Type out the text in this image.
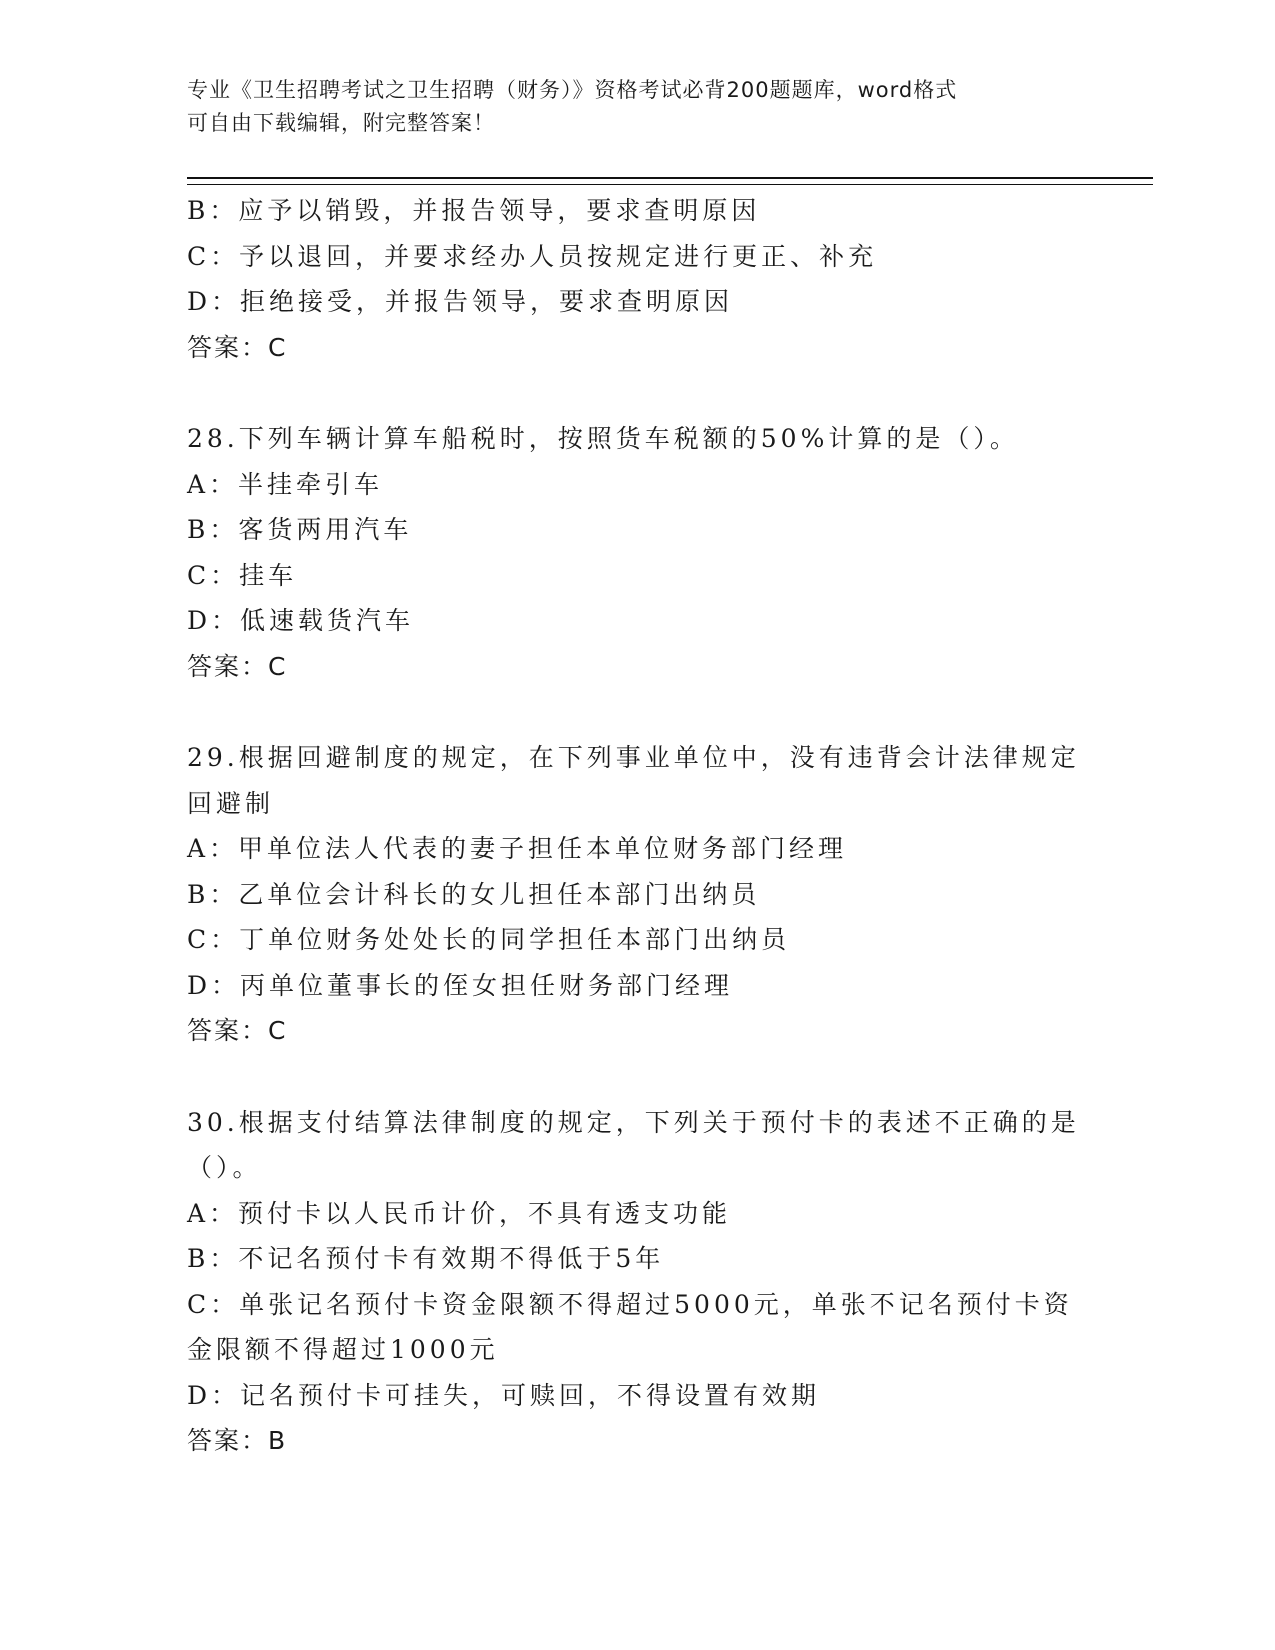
专业《卫生招聘考试之卫生招聘（财务）》资格考试必背200题题库，word格式
可自由下载编辑，附完整答案！
B：应予以销毁，并报告领导，要求查明原因
C：予以退回，并要求经办人员按规定进行更正、补充
D：拒绝接受，并报告领导，要求查明原因
答案：C
28.下列车辆计算车船税时，按照货车税额的50%计算的是（）。
A：半挂牵引车
B：客货两用汽车
C：挂车
D：低速载货汽车
答案：C
29.根据回避制度的规定，在下列事业单位中，没有违背会计法律规定
回避制
A：甲单位法人代表的妻子担任本单位财务部门经理
B：乙单位会计科长的女儿担任本部门出纳员
C：丁单位财务处处长的同学担任本部门出纳员
D：丙单位董事长的侄女担任财务部门经理
答案：C
30.根据支付结算法律制度的规定，下列关于预付卡的表述不正确的是
（）。
A：预付卡以人民币计价，不具有透支功能
B：不记名预付卡有效期不得低于5年
C：单张记名预付卡资金限额不得超过5000元，单张不记名预付卡资
金限额不得超过1000元
D：记名预付卡可挂失，可赎回，不得设置有效期
答案：B
